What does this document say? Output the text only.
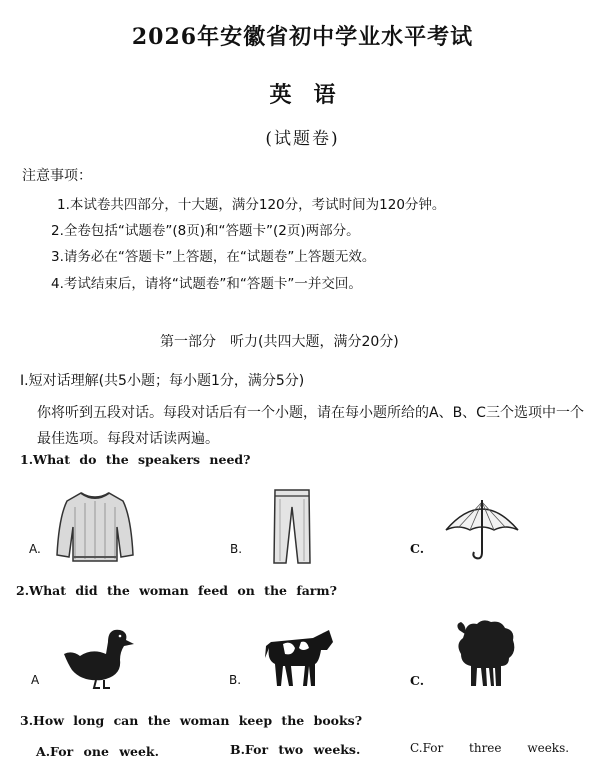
2026年安徽省初中学业水平考试
英语
(试题卷)
注意事项：
1.本试卷共四部分，十大题，满分120分，考试时间为120分钟。
2.全卷包括“试题卷”(8页)和“答题卡”(2页)两部分。
3.请务必在“答题卡”上答题，在“试题卷”上答题无效。
4.考试结束后，请将“试题卷”和“答题卡”一并交回。
第一部分　听力(共四大题，满分20分)
Ⅰ.短对话理解(共5小题；每小题1分，满分5分)
你将听到五段对话。每段对话后有一个小题，请在每小题所给的A、B、C三个选项中一个最佳选项。每段对话读两遍。
1.What do the speakers need?
A.	B.	C.
2.What did the woman feed on the farm?
A	B.	C.
3.How long can the woman keep the books?
A.For one week.	B.For two weeks.	C.For three weeks.
